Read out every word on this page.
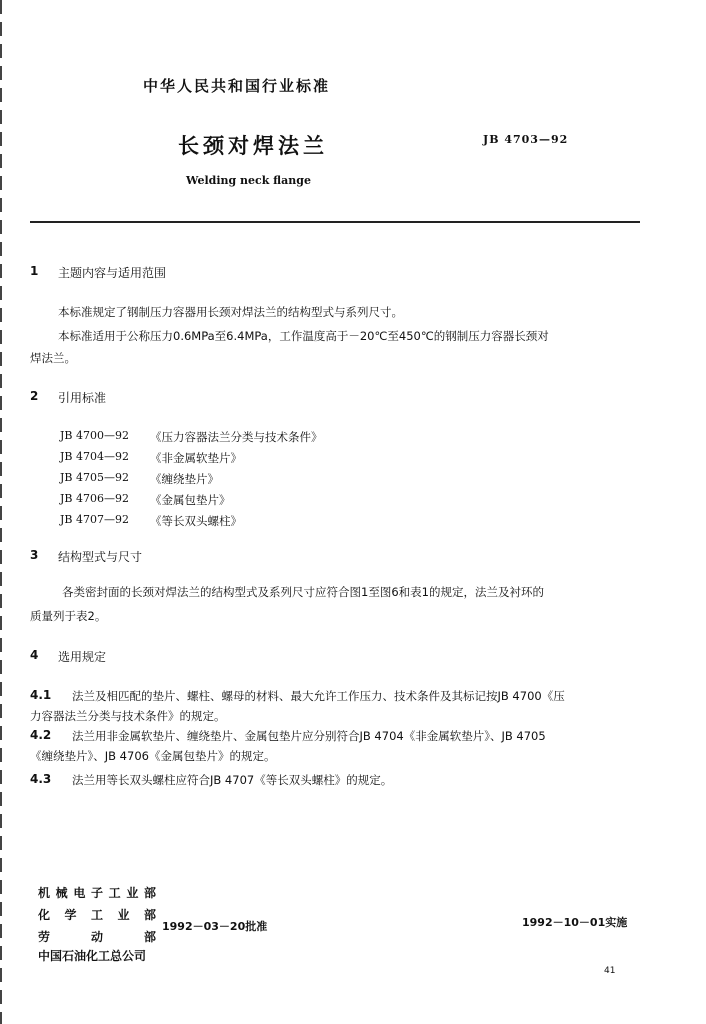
中华人民共和国行业标准
长颈对焊法兰	JB 4703—92
Welding neck flange
1 主题内容与适用范围
本标准规定了钢制压力容器用长颈对焊法兰的结构型式与系列尺寸。
本标准适用于公称压力0.6MPa至6.4MPa，工作温度高于－20℃至450℃的钢制压力容器长颈对
焊法兰。
2 引用标准
JB 4700—92 《压力容器法兰分类与技术条件》
JB 4704—92 《非金属软垫片》
JB 4705—92 《缠绕垫片》
JB 4706—92 《金属包垫片》
JB 4707—92 《等长双头螺柱》
3 结构型式与尺寸
各类密封面的长颈对焊法兰的结构型式及系列尺寸应符合图1至图6和表1的规定，法兰及衬环的
质量列于表2。
4 选用规定
4.1 法兰及相匹配的垫片、螺柱、螺母的材料、最大允许工作压力、技术条件及其标记按JB 4700《压
力容器法兰分类与技术条件》的规定。
4.2 法兰用非金属软垫片、缠绕垫片、金属包垫片应分别符合JB 4704《非金属软垫片》、JB 4705
《缠绕垫片》、JB 4706《金属包垫片》的规定。
4.3 法兰用等长双头螺柱应符合JB 4707《等长双头螺柱》的规定。
机械电子工业部
化学工业部
劳动部
中国石油化工总公司
1992－03－20批准	1992－10－01实施
41
